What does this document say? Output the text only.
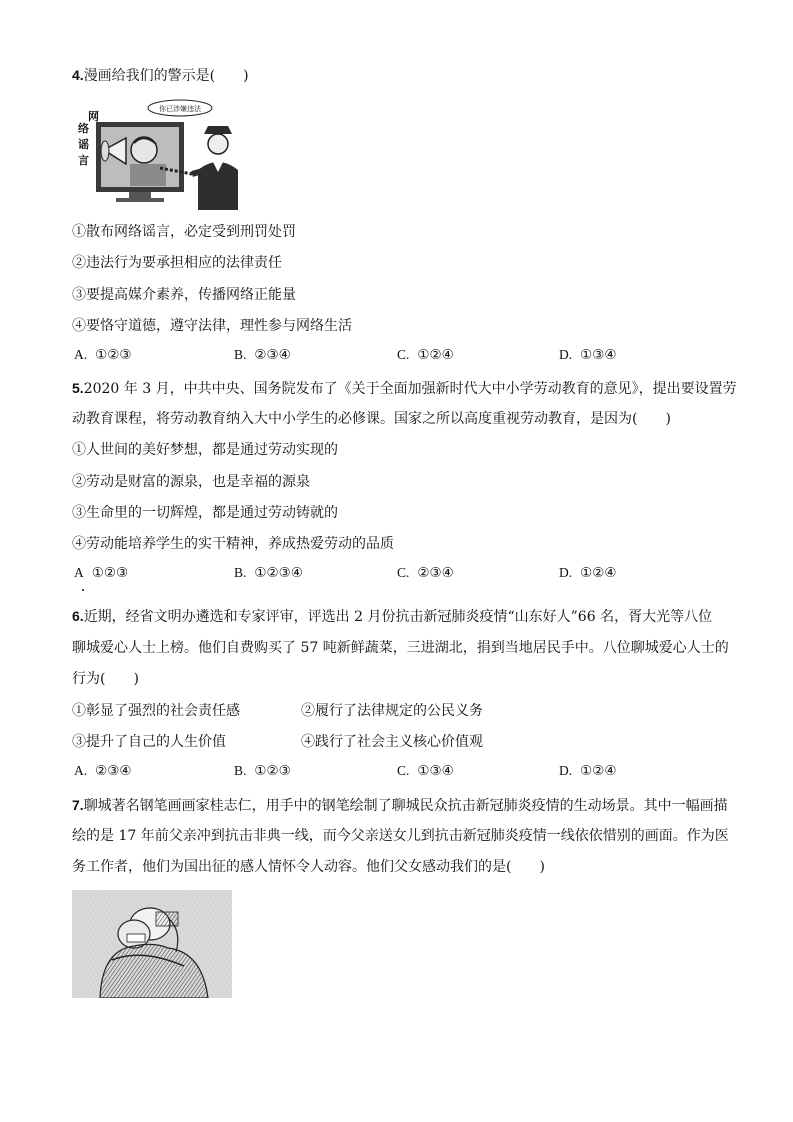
4.漫画给我们的警示是(　　)
你已涉嫌违法
网
络
谣
言
①散布网络谣言，必定受到刑罚处罚
②违法行为要承担相应的法律责任
③要提高媒介素养，传播网络正能量
④要恪守道德，遵守法律，理性参与网络生活
A. ①②③	B. ②③④	C. ①②④	D. ①③④
5.2020 年 3 月，中共中央、国务院发布了《关于全面加强新时代大中小学劳动教育的意见》，提出要设置劳
动教育课程，将劳动教育纳入大中小学生的必修课。国家之所以高度重视劳动教育，是因为(　　)
①人世间的美好梦想，都是通过劳动实现的
②劳动是财富的源泉，也是幸福的源泉
③生命里的一切辉煌，都是通过劳动铸就的
④劳动能培养学生的实干精神，养成热爱劳动的品质
A ①②③	B. ①②③④	C. ②③④	D. ①②④
6.近期，经省文明办遴选和专家评审，评选出 2 月份抗击新冠肺炎疫情“山东好人”66 名，胥大光等八位
聊城爱心人士上榜。他们自费购买了 57 吨新鲜蔬菜，三进湖北，捐到当地居民手中。八位聊城爱心人士的
行为(　　)
①彰显了强烈的社会责任感	②履行了法律规定的公民义务
③提升了自己的人生价值	④践行了社会主义核心价值观
A. ②③④	B. ①②③	C. ①③④	D. ①②④
7.聊城著名钢笔画画家桂志仁，用手中的钢笔绘制了聊城民众抗击新冠肺炎疫情的生动场景。其中一幅画描
绘的是 17 年前父亲冲到抗击非典一线，而今父亲送女儿到抗击新冠肺炎疫情一线依依惜别的画面。作为医
务工作者，他们为国出征的感人情怀令人动容。他们父女感动我们的是(　　)
